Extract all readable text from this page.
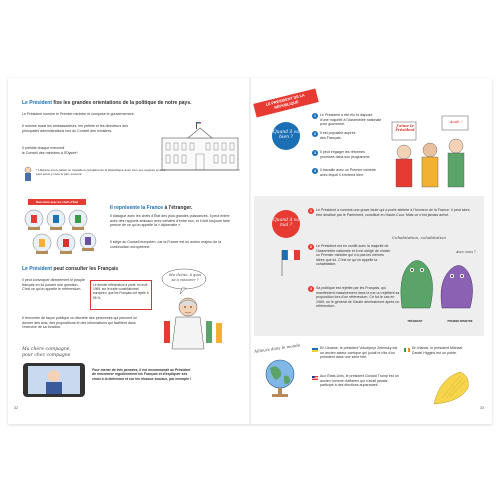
Le Président fixe les grandes orientations de la politique de notre pays.
Le Président nomme le Premier ministre et compose le gouvernement.
Il nomme aussi les ambassadeurs, les préfets et les directeurs des principales administrations lors du Conseil des ministres.
Il préside chaque mercredi
le Conseil des ministres à l'Elysée*.
* L'Elysée est le palais où travaille le président de la République avec tous ses équipes et où il peut aussi y vivre le plus souvent.
Rencontre avec les chefs d'État
Il représente la France à l'étranger.
Il dialogue avec les chefs d'État des plus grandes puissances. Il peut entrer avec des rapports amicaux avec certains d'entre eux, et il doit toujours faire preuve de ce qu'on appelle la « diplomatie ».
Il siège au Conseil européen, car la France est un acteur majeur de la construction européenne.
Le Président peut consulter les Français
Il peut convoquer directement le peuple français en lui posant une question. C'est ce qu'on appelle le référendum.
Le dernier référendum a porté, en avril 1969, sur le traité constitutionnel européen, que les Français ont rejeté à 55 %.
Il rencontre de façon publique ou discrète des personnes qui peuvent lui donner des avis, des propositions et des informations qui facilitent dans l'exercice de sa fonction.
Ma chérie, à quoi sa à rassurer ?
Ma chère compagne, pour chez compagne
Pour mener de très pensées, il est recommandé au Président de rencontrer régulièrement les Français et d'expliquer ses choix à la télévision et sur les réseaux sociaux, par exemple !
32
LE PRÉSIDENT DE LA RÉPUBLIQUE
Quand il va bien ?
1	Le Président a été élu et dispose d'une majorité à l'Assemblée nationale pour gouverner.
2	Il est populaire auprès des Français.
3	Il peut engager les réformes promises dans son programme.
4	Il travaille avec un Premier ministre avec lequel il s'entend bien.
J'aime le Président
Aaah !
Quand il va mal ?
1	Le Président a commis une grave faute qui a porté atteinte à l'honneur de la France. Il peut alors être destitué par le Parlement, constitué en Haute-Cour. Mais ce n'est jamais arrivé.
2	Le Président est en conflit avec la majorité de l'Assemblée nationale et il est obligé de choisir un Premier ministre qui n'a pas les mêmes idées que lui. C'est ce qu'on appelle la cohabitation.
3	Sa politique est rejetée par les Français, qui manifestent massivement dans la rue ou rejettent sa proposition lors d'un référendum. Ce fut le cas en 1969, où le général de Gaulle démissionne après un référendum.
Cohabitation, cohabitation
Avec vous ?
PRÉSIDENT	PREMIER MINISTRE
Ailleurs dans le monde	En Ukraine, le président Volodymyr Zelensky est un ancien acteur comique qui jouait le rôle d'un président dans une série télé.
Aux États-Unis, le président Donald Trump est un ancien homme d'affaires qui n'avait jamais participé à des élections auparavant.
En Irlande, le président Michael Daniel Higgins est un poète.
33
